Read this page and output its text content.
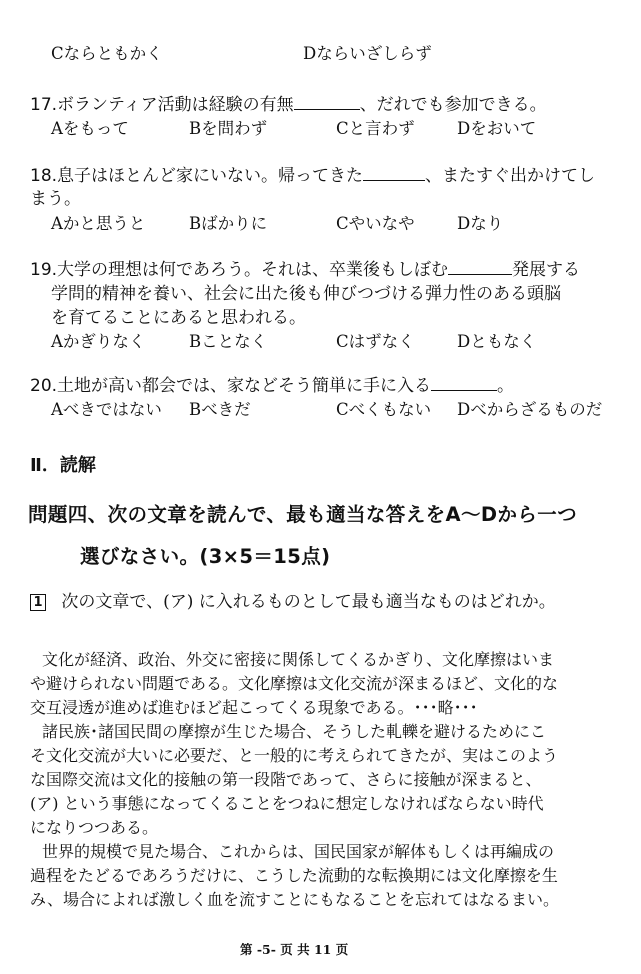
Cならともかく	Dならいざしらず
17.ボランティア活動は経験の有無	、だれでも参加できる。
Aをもって	Bを問わず	Cと言わず	Dをおいて
18.息子はほとんど家にいない。帰ってきた	、またすぐ出かけてし
まう。
Aかと思うと	Bばかりに	Cやいなや	Dなり
19.大学の理想は何であろう。それは、卒業後もしぼむ	発展する
学問的精神を養い、社会に出た後も伸びつづける弾力性のある頭脳
を育てることにあると思われる。
Aかぎりなく	Bことなく	Cはずなく	Dともなく
20.土地が高い都会では、家などそう簡単に手に入る	。
Aべきではない Bべきだ	Cべくもない Dべからざるものだ
Ⅱ．読解
問題四、次の文章を読んで、最も適当な答えをA～Dから一つ
選びなさい。(3×5＝15点)
1 次の文章で、(ア) に入れるものとして最も適当なものはどれか。
文化が経済、政治、外交に密接に関係してくるかぎり、文化摩擦はいま
や避けられない問題である。文化摩擦は文化交流が深まるほど、文化的な
交互浸透が進めば進むほど起こってくる現象である。･･･略･･･
諸民族･諸国民間の摩擦が生じた場合、そうした軋轢を避けるためにこ
そ文化交流が大いに必要だ、と一般的に考えられてきたが、実はこのよう
な国際交流は文化的接触の第一段階であって、さらに接触が深まると、
(ア) という事態になってくることをつねに想定しなければならない時代
になりつつある。
世界的規模で見た場合、これからは、国民国家が解体もしくは再編成の
過程をたどるであろうだけに、こうした流動的な転換期には文化摩擦を生
み、場合によれば激しく血を流すことにもなることを忘れてはなるまい。
第 -5- 页 共 11 页
